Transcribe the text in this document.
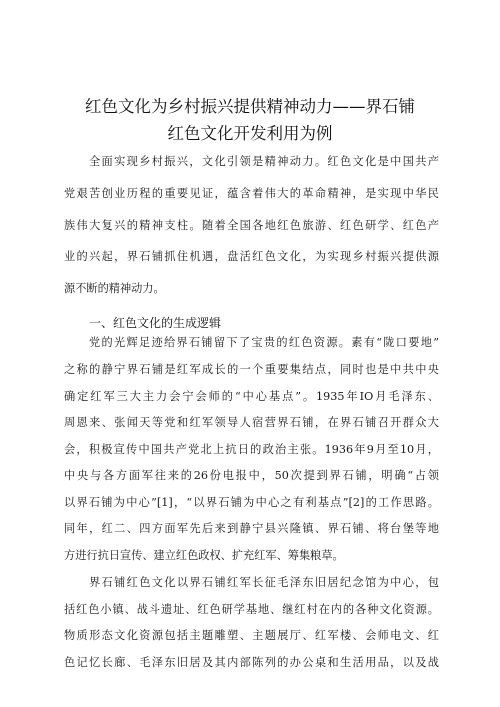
红色文化为乡村振兴提供精神动力——界石铺
红色文化开发利用为例
全面实现乡村振兴，文化引领是精神动力。红色文化是中国共产
党艰苦创业历程的重要见证，蕴含着伟大的革命精神，是实现中华民
族伟大复兴的精神支柱。随着全国各地红色旅游、红色研学、红色产
业的兴起，界石铺抓住机遇，盘活红色文化，为实现乡村振兴提供源
源不断的精神动力。
一、红色文化的生成逻辑
党的光辉足迹给界石铺留下了宝贵的红色资源。素有“陇口要地”
之称的静宁界石铺是红军成长的一个重要集结点，同时也是中共中央
确定红军三大主力会宁会师的“中心基点”。1935年IO月毛泽东、
周恩来、张闻天等党和红军领导人宿营界石铺，在界石铺召开群众大
会，积极宣传中国共产党北上抗日的政治主张。1936年9月至10月，
中央与各方面军往来的26份电报中，50次提到界石铺，明确“占领
以界石铺为中心”[1]，“以界石铺为中心之有利基点”[2]的工作思路。
同年，红二、四方面军先后来到静宁县兴隆镇、界石铺、将台堡等地
方进行抗日宣传、建立红色政权、扩充红军、筹集粮草。
界石铺红色文化以界石铺红军长征毛泽东旧居纪念馆为中心，包
括红色小镇、战斗遗址、红色研学基地、继红村在内的各种文化资源。
物质形态文化资源包括主题雕塑、主题展厅、红军楼、会师电文、红
色记忆长廊、毛泽东旧居及其内部陈列的办公桌和生活用品，以及战
